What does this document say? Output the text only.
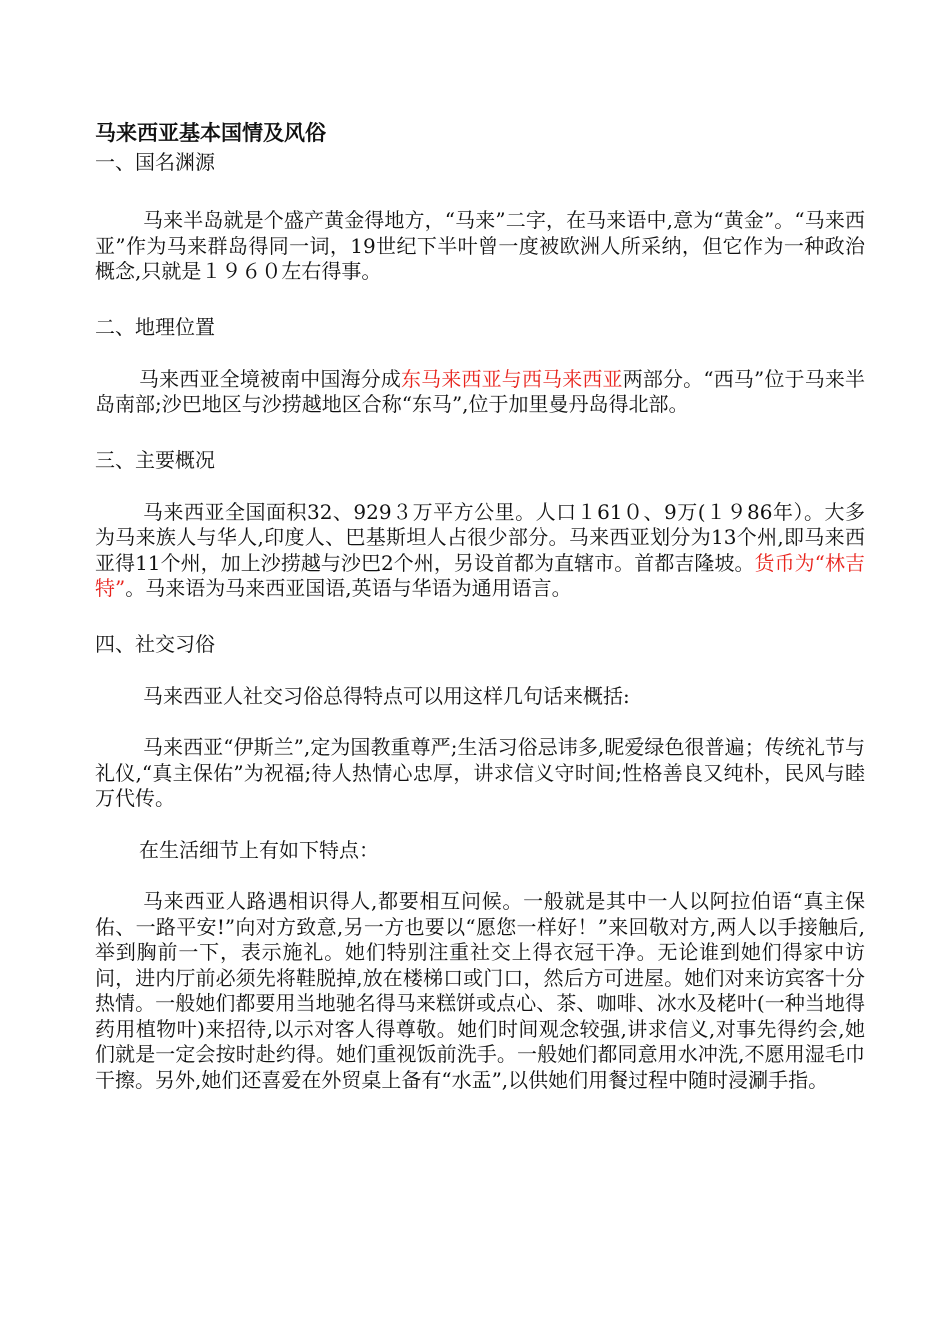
马来西亚基本国情及风俗

一、国名渊源

马来半岛就是个盛产黄金得地方，“马来”二字，在马来语中,意为“黄金”。“马来西亚”作为马来群岛得同一词，19世纪下半叶曾一度被欧洲人所采纳，但它作为一种政治概念,只就是１９６０左右得事。

二、地理位置

马来西亚全境被南中国海分成东马来西亚与西马来西亚两部分。“西马”位于马来半岛南部;沙巴地区与沙捞越地区合称“东马”,位于加里曼丹岛得北部。

三、主要概况

马来西亚全国面积32、929３万平方公里。人口１61０、9万(１９86年）。大多为马来族人与华人,印度人、巴基斯坦人占很少部分。马来西亚划分为13个州,即马来西亚得11个州，加上沙捞越与沙巴2个州，另设首都为直辖市。首都吉隆坡。货币为“林吉特”。马来语为马来西亚国语,英语与华语为通用语言。

四、社交习俗

马来西亚人社交习俗总得特点可以用这样几句话来概括:

马来西亚“伊斯兰”,定为国教重尊严;生活习俗忌讳多,昵爱绿色很普遍；传统礼节与礼仪,“真主保佑”为祝福;待人热情心忠厚，讲求信义守时间;性格善良又纯朴，民风与睦万代传。

在生活细节上有如下特点：

马来西亚人路遇相识得人,都要相互问候。一般就是其中一人以阿拉伯语“真主保佑、一路平安!”向对方致意,另一方也要以“愿您一样好！”来回敬对方,两人以手接触后,举到胸前一下，表示施礼。她们特别注重社交上得衣冠干净。无论谁到她们得家中访问，进内厅前必须先将鞋脱掉,放在楼梯口或门口，然后方可进屋。她们对来访宾客十分热情。一般她们都要用当地驰名得马来糕饼或点心、茶、咖啡、冰水及栳叶(一种当地得药用植物叶)来招待,以示对客人得尊敬。她们时间观念较强,讲求信义,对事先得约会,她们就是一定会按时赴约得。她们重视饭前洗手。一般她们都同意用水冲洗,不愿用湿毛巾干擦。另外,她们还喜爱在外贸桌上备有“水盂”,以供她们用餐过程中随时浸涮手指。
